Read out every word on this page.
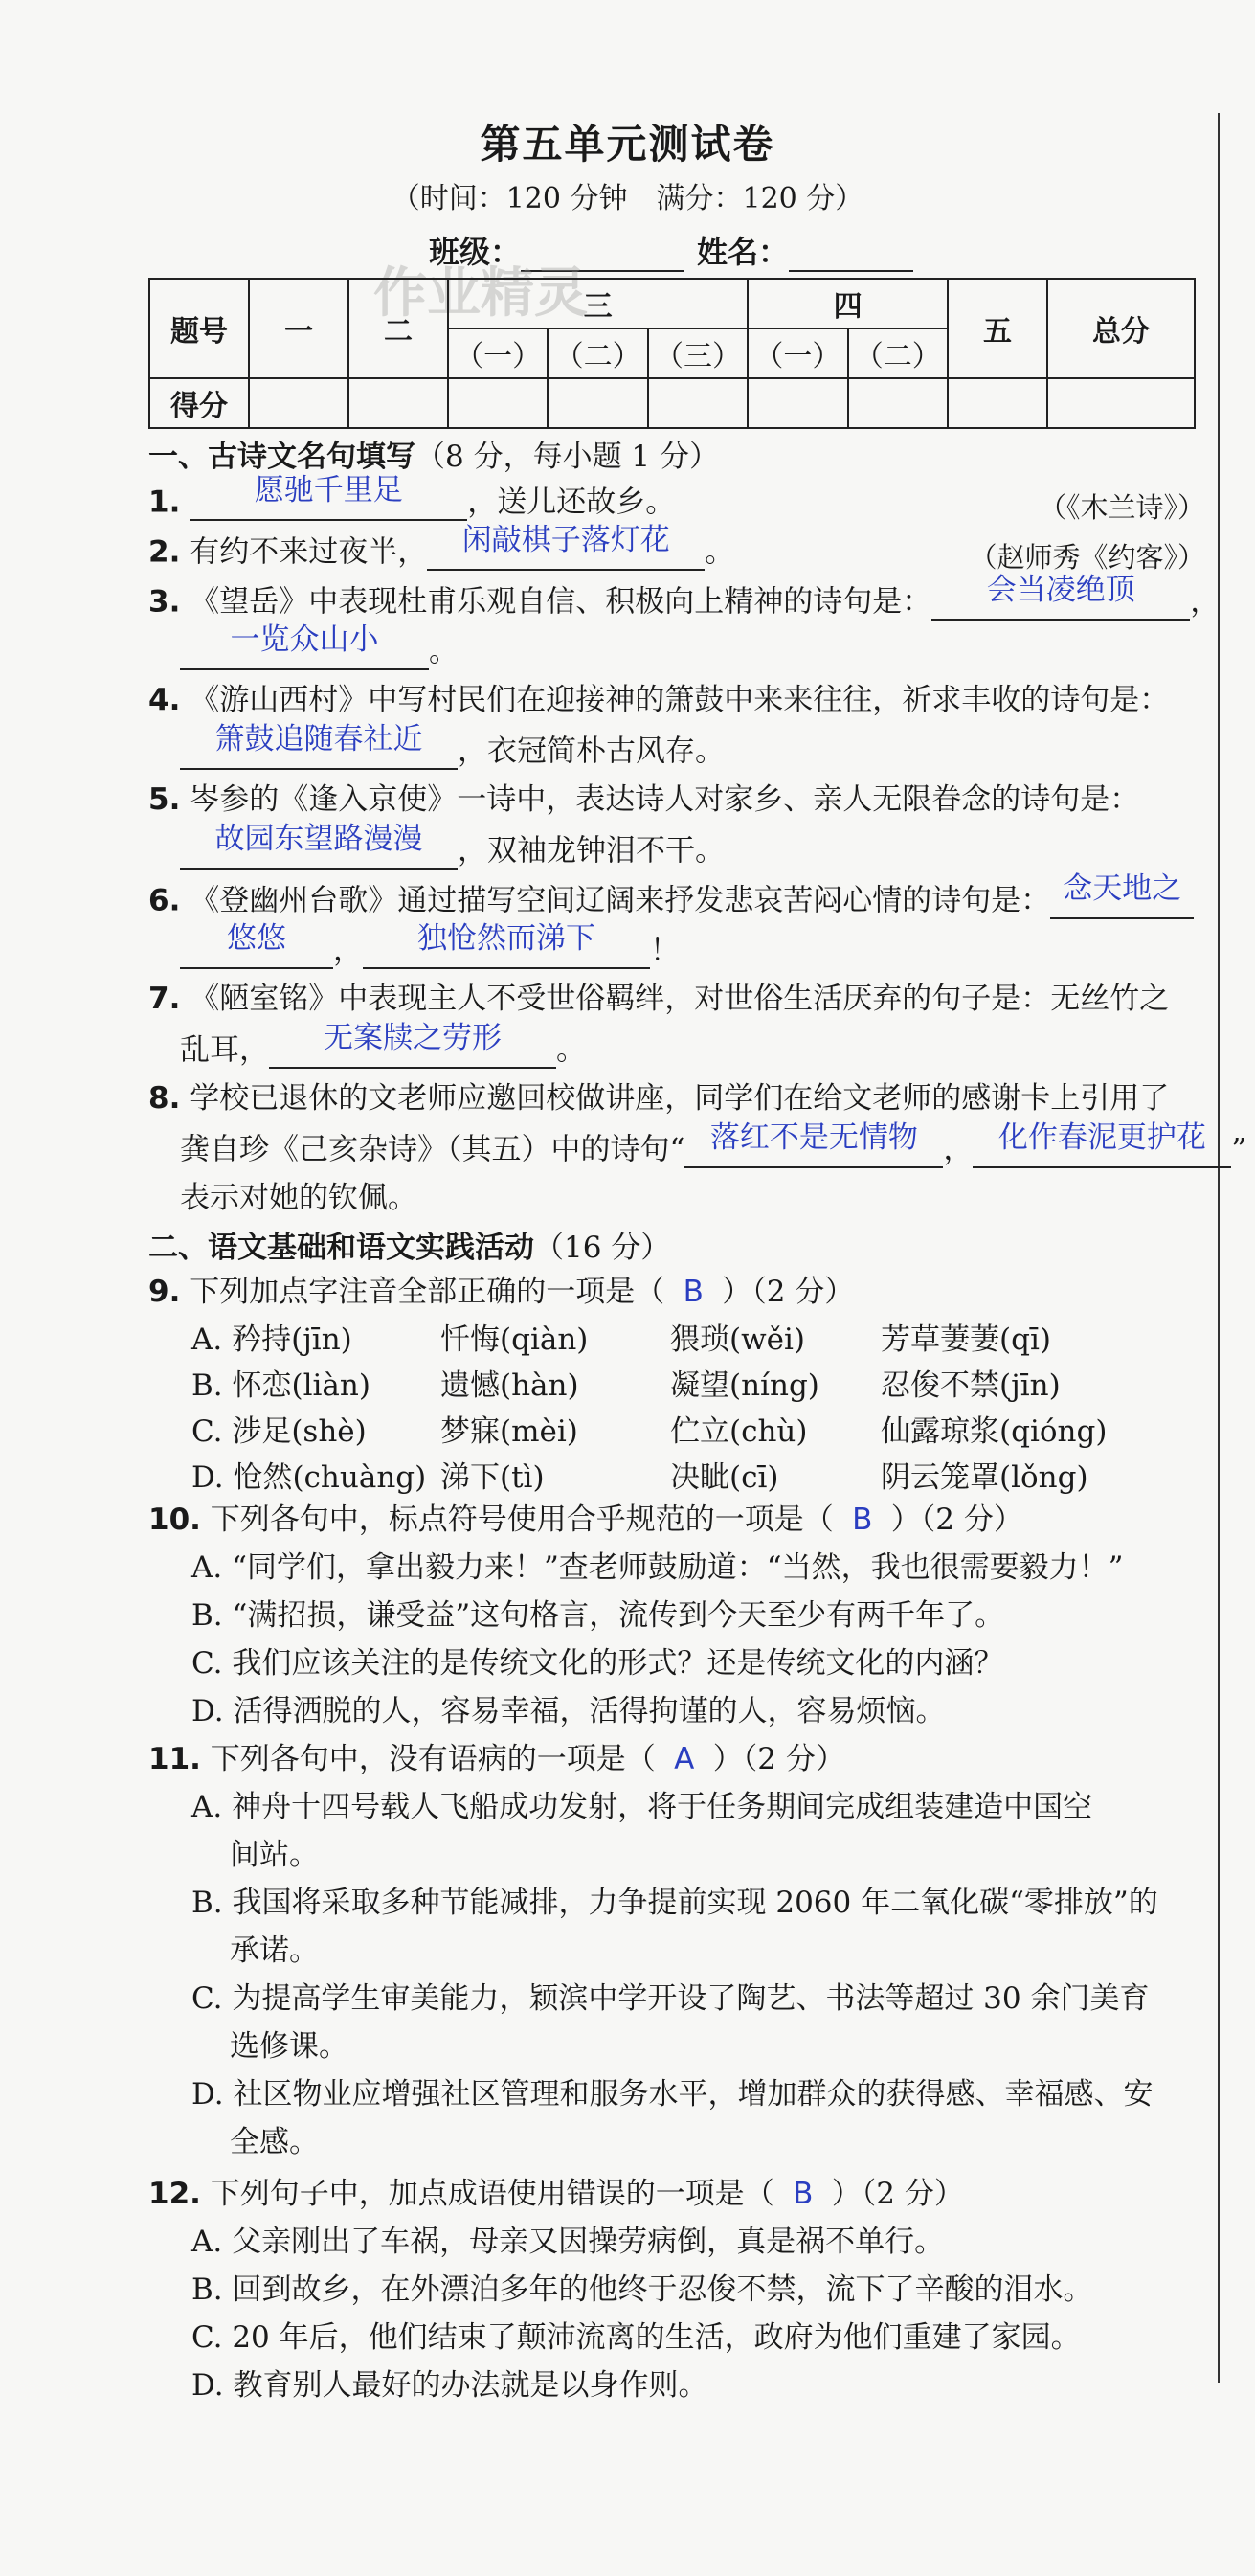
第五单元测试卷
（时间：120 分钟　满分：120 分）
班级：	姓名：
作业精灵
题号	一	二	三			四		五	总分
			（一）	（二）	（三）	（一）	（二）		
得分									
一、古诗文名句填写（8 分，每小题 1 分）
1.	愿驰千里足	，送儿还故乡。	（《木兰诗》）
2. 有约不来过夜半，	闲敲棋子落灯花	。	（赵师秀《约客》）
3. 《望岳》中表现杜甫乐观自信、积极向上精神的诗句是：	会当凌绝顶	，
一览众山小	。
4. 《游山西村》中写村民们在迎接神的箫鼓中来来往往，祈求丰收的诗句是：
箫鼓追随春社近	，衣冠简朴古风存。
5. 岑参的《逢入京使》一诗中，表达诗人对家乡、亲人无限眷念的诗句是：
故园东望路漫漫	，双袖龙钟泪不干。
6. 《登幽州台歌》通过描写空间辽阔来抒发悲哀苦闷心情的诗句是： 念天地之
悠悠	，	独怆然而涕下	！
7. 《陋室铭》中表现主人不受世俗羁绊，对世俗生活厌弃的句子是：无丝竹之
乱耳，	无案牍之劳形	。
8. 学校已退休的文老师应邀回校做讲座，同学们在给文老师的感谢卡上引用了
龚自珍《己亥杂诗》（其五）中的诗句“ 落红不是无情物 ， 化作春泥更护花 ”
表示对她的钦佩。
二、语文基础和语文实践活动（16 分）
9. 下列加点字注音全部正确的一项是（ B ）（2 分）
A. 矜持(jīn)	忏悔(qiàn)	猥琐(wěi)	芳草萋萋(qī)
B. 怀恋(liàn) 遗憾(hàn)	凝望(níng) 忍俊不禁(jīn)
C. 涉足(shè) 梦寐(mèi)	伫立(chù) 仙露琼浆(qióng)
D. 怆然(chuàng) 涕下(tì)	决眦(cī)	阴云笼罩(lǒng)
10. 下列各句中，标点符号使用合乎规范的一项是（ B ）（2 分）
A. “同学们，拿出毅力来！”查老师鼓励道：“当然，我也很需要毅力！”
B. “满招损，谦受益”这句格言，流传到今天至少有两千年了。
C. 我们应该关注的是传统文化的形式？还是传统文化的内涵？
D. 活得洒脱的人，容易幸福，活得拘谨的人，容易烦恼。
11. 下列各句中，没有语病的一项是（ A ）（2 分）
A. 神舟十四号载人飞船成功发射，将于任务期间完成组装建造中国空
间站。
B. 我国将采取多种节能减排，力争提前实现 2060 年二氧化碳“零排放”的
承诺。
C. 为提高学生审美能力，颖滨中学开设了陶艺、书法等超过 30 余门美育
选修课。
D. 社区物业应增强社区管理和服务水平，增加群众的获得感、幸福感、安
全感。
12. 下列句子中，加点成语使用错误的一项是（ B ）（2 分）
A. 父亲刚出了车祸，母亲又因操劳病倒，真是祸不单行。
B. 回到故乡，在外漂泊多年的他终于忍俊不禁，流下了辛酸的泪水。
C. 20 年后，他们结束了颠沛流离的生活，政府为他们重建了家园。
D. 教育别人最好的办法就是以身作则。
